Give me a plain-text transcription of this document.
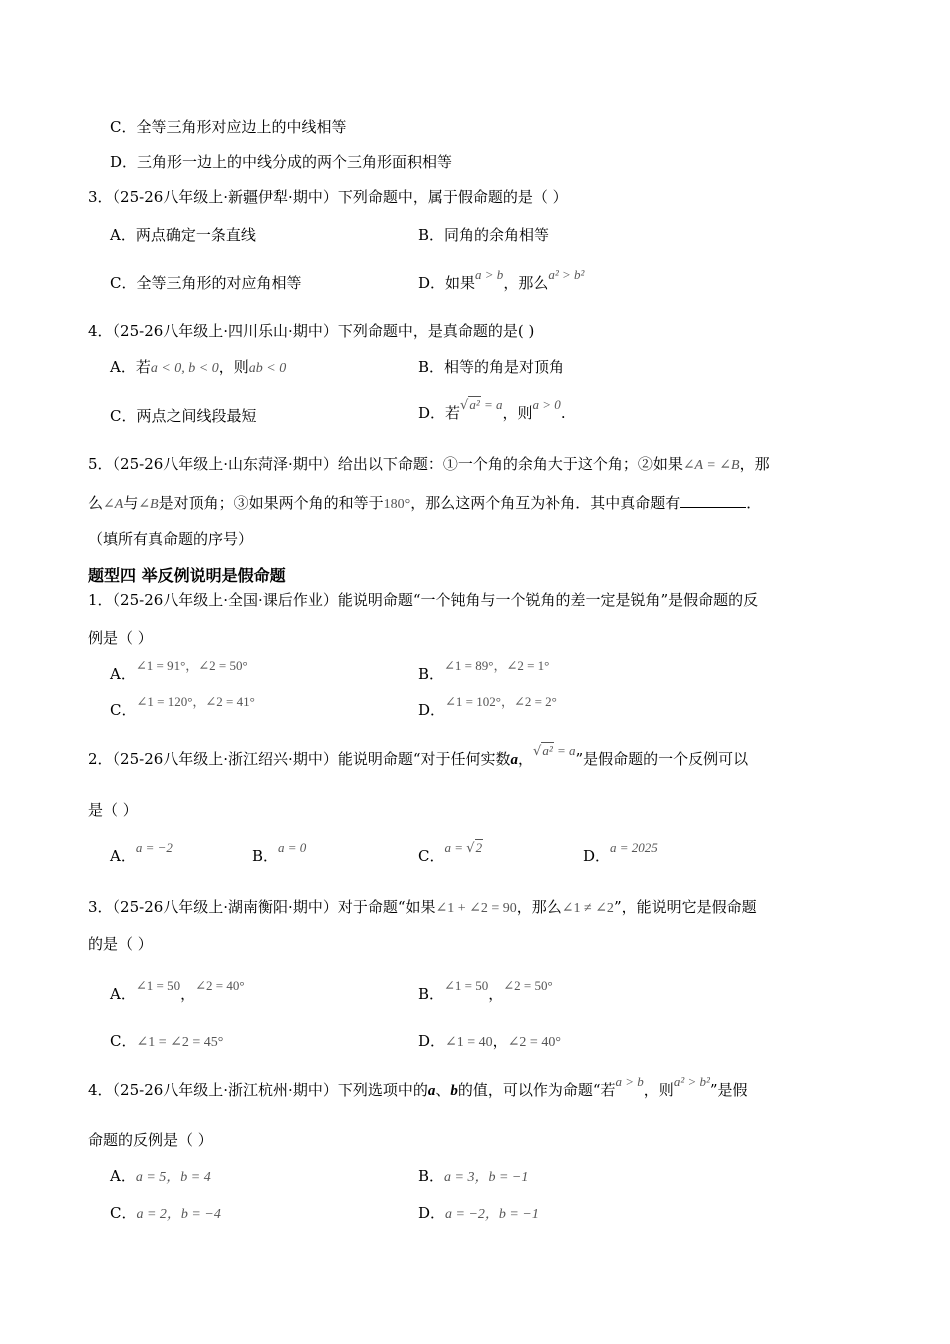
C．全等三角形对应边上的中线相等
D．三角形一边上的中线分成的两个三角形面积相等
3．（25-26八年级上·新疆伊犁·期中）下列命题中，属于假命题的是（ ）
A．两点确定一条直线	B．同角的余角相等
C．全等三角形的对应角相等	D．如果a > b，那么a² > b²
4．（25-26八年级上·四川乐山·期中）下列命题中，是真命题的是( )
A．若a < 0, b < 0，则ab < 0	B．相等的角是对顶角
C．两点之间线段最短	D．若√a² = a，则a > 0.
5．（25-26八年级上·山东菏泽·期中）给出以下命题：①一个角的余角大于这个角；②如果∠A = ∠B，那
么∠A与∠B是对顶角；③如果两个角的和等于180°，那么这两个角互为补角．其中真命题有	．
（填所有真命题的序号）
题型四 举反例说明是假命题
1．（25-26八年级上·全国·课后作业）能说明命题“一个钝角与一个锐角的差一定是锐角”是假命题的反
例是（ ）
A．∠1 = 91°，∠2 = 50°	B．∠1 = 89°，∠2 = 1°
C．∠1 = 120°，∠2 = 41°	D．∠1 = 102°，∠2 = 2°
2．（25-26八年级上·浙江绍兴·期中）能说明命题“对于任何实数a，√a² = a”是假命题的一个反例可以
是（ ）
A．a = −2	B．a = 0	C．a = √2	D．a = 2025
3．（25-26八年级上·湖南衡阳·期中）对于命题“如果∠1 + ∠2 = 90，那么∠1 ≠ ∠2”，能说明它是假命题
的是（ ）
A．∠1 = 50，∠2 = 40°	B．∠1 = 50，∠2 = 50°
C．∠1 = ∠2 = 45°	D．∠1 = 40，∠2 = 40°
4．（25-26八年级上·浙江杭州·期中）下列选项中的a、b的值，可以作为命题“若a > b，则a² > b²”是假
命题的反例是（ ）
A．a = 5，b = 4	B．a = 3，b = −1
C．a = 2，b = −4	D．a = −2，b = −1
